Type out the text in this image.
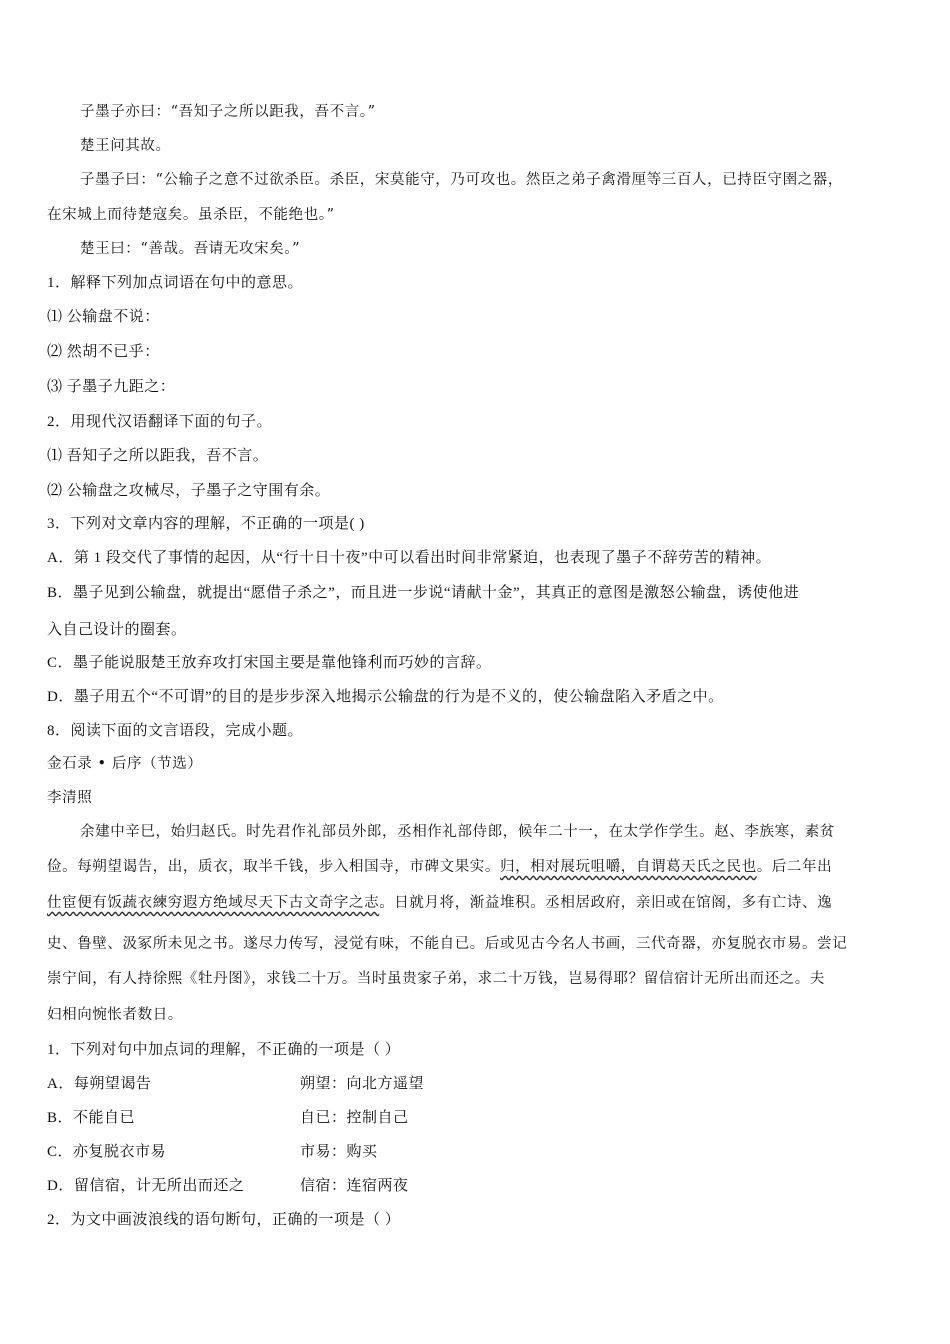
子墨子亦曰：“吾知子之所以距我，吾不言。”
楚王问其故。
子墨子曰：“公输子之意不过欲杀臣。杀臣，宋莫能守，乃可攻也。然臣之弟子禽滑厘等三百人，已持臣守圉之器，
在宋城上而待楚寇矣。虽杀臣，不能绝也。”
楚王曰：“善哉。吾请无攻宋矣。”
1．解释下列加点词语在句中的意思。
⑴ 公输盘不说：
⑵ 然胡不已乎：
⑶ 子墨子九距之：
2．用现代汉语翻译下面的句子。
⑴ 吾知子之所以距我，吾不言。
⑵ 公输盘之攻械尽，子墨子之守围有余。
3．下列对文章内容的理解，不正确的一项是( )
A．第 1 段交代了事情的起因，从“行十日十夜”中可以看出时间非常紧迫，也表现了墨子不辞劳苦的精神。
B．墨子见到公输盘，就提出“愿借子杀之”，而且进一步说“请献十金”，其真正的意图是激怒公输盘，诱使他进
入自己设计的圈套。
C．墨子能说服楚王放弃攻打宋国主要是靠他锋利而巧妙的言辞。
D．墨子用五个“不可谓”的目的是步步深入地揭示公输盘的行为是不义的，使公输盘陷入矛盾之中。
8．阅读下面的文言语段，完成小题。
金石录 • 后序（节选）
李清照
余建中辛巳，始归赵氏。时先君作礼部员外郎，丞相作礼部侍郎，候年二十一，在太学作学生。赵、李族寒，素贫
俭。每朔望谒告，出，质衣，取半千钱，步入相国寺，市碑文果实。归，相对展玩咀嚼，自谓葛天氏之民也。后二年出
仕宦便有饭蔬衣練穷遐方绝域尽天下古文奇字之志。日就月将，渐益堆积。丞相居政府，亲旧或在馆阁，多有亡诗、逸
史、鲁壁、汲冢所未见之书。遂尽力传写，浸觉有味，不能自已。后或见古今名人书画，三代奇器，亦复脱衣市易。尝记
崇宁间，有人持徐熙《牡丹图》，求钱二十万。当时虽贵家子弟，求二十万钱，岂易得耶？留信宿计无所出而还之。夫
妇相向惋怅者数日。
1．下列对句中加点词的理解，不正确的一项是（ ）
A．每朔望谒告	朔望：向北方遥望
B．不能自已	自已：控制自己
C．亦复脱衣市易	市易：购买
D．留信宿，计无所出而还之	信宿：连宿两夜
2．为文中画波浪线的语句断句，正确的一项是（ ）
